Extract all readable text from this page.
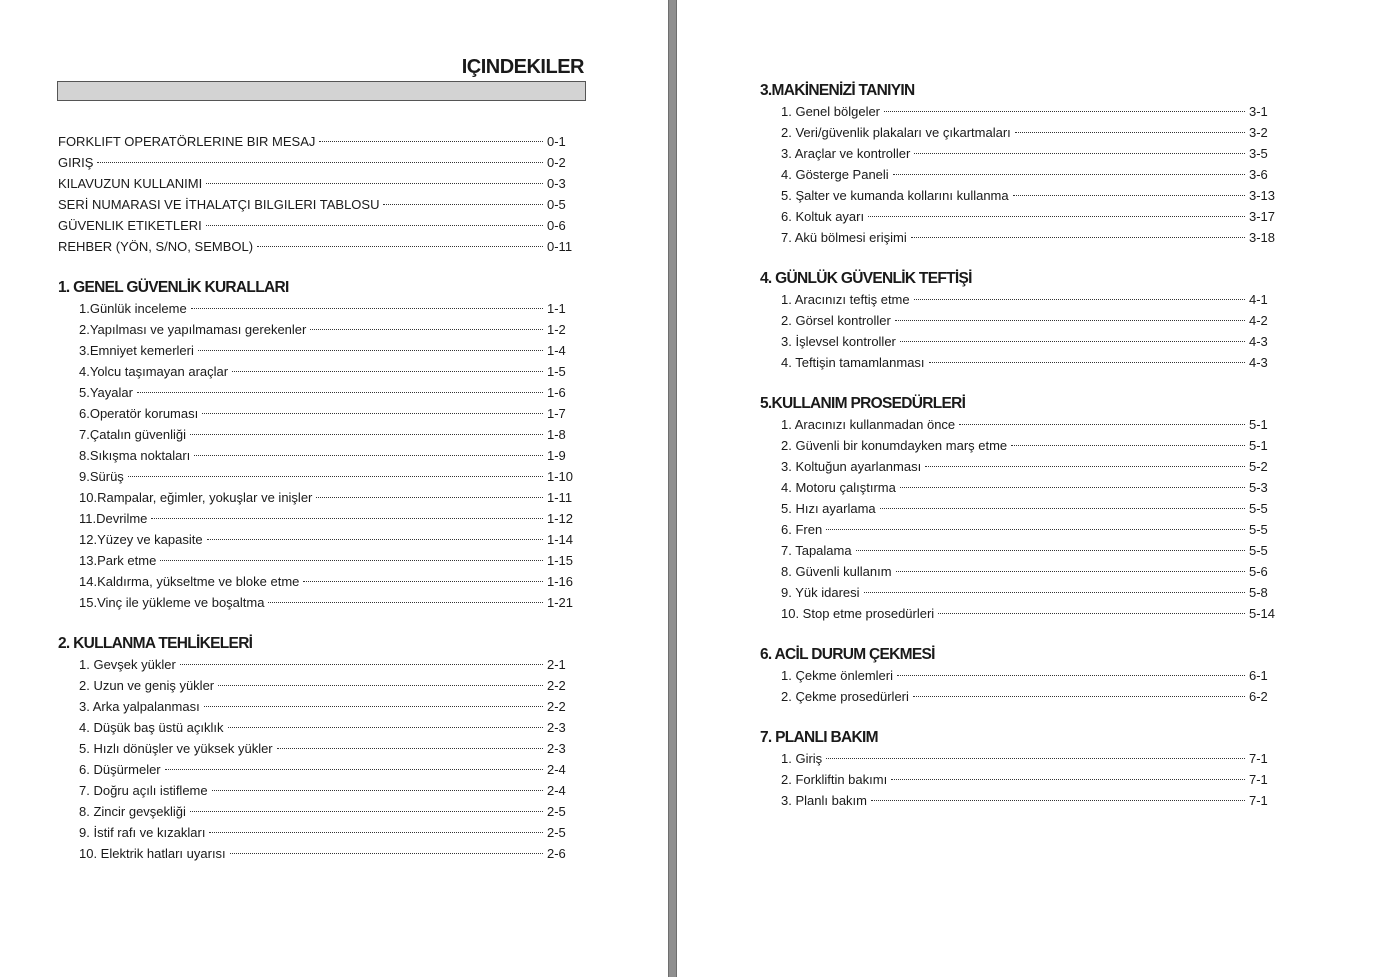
IÇINDEKILER
FORKLIFT OPERATÖRLERINE BIR MESAJ	0-1
GIRIŞ	0-2
KILAVUZUN KULLANIMI	0-3
SERİ NUMARASI VE İTHALATÇI BILGILERI TABLOSU	0-5
GÜVENLIK ETIKETLERI	0-6
REHBER (YÖN, S/NO, SEMBOL)	0-11
1. GENEL GÜVENLİK KURALLARI
1.Günlük inceleme	1-1
2.Yapılması ve yapılmaması gerekenler	1-2
3.Emniyet kemerleri	1-4
4.Yolcu taşımayan araçlar	1-5
5.Yayalar	1-6
6.Operatör koruması	1-7
7.Çatalın güvenliği	1-8
8.Sıkışma noktaları	1-9
9.Sürüş	1-10
10.Rampalar, eğimler, yokuşlar ve inişler	1-11
11.Devrilme	1-12
12.Yüzey ve kapasite	1-14
13.Park etme	1-15
14.Kaldırma, yükseltme ve bloke etme	1-16
15.Vinç ile yükleme ve boşaltma	1-21
2. KULLANMA TEHLİKELERİ
1. Gevşek yükler	2-1
2. Uzun ve geniş yükler	2-2
3. Arka yalpalanması	2-2
4. Düşük baş üstü açıklık	2-3
5. Hızlı dönüşler ve yüksek yükler	2-3
6. Düşürmeler	2-4
7. Doğru açılı istifleme	2-4
8. Zincir gevşekliği	2-5
9. İstif rafı ve kızakları	2-5
10. Elektrik hatları uyarısı	2-6
3.MAKİNENİZİ TANIYIN
1. Genel bölgeler	3-1
2. Veri/güvenlik plakaları ve çıkartmaları	3-2
3. Araçlar ve kontroller	3-5
4. Gösterge Paneli	3-6
5. Şalter ve kumanda kollarını kullanma	3-13
6. Koltuk ayarı	3-17
7. Akü bölmesi erişimi	3-18
4. GÜNLÜK GÜVENLİK TEFTİŞİ
1. Aracınızı teftiş etme	4-1
2. Görsel kontroller	4-2
3. İşlevsel kontroller	4-3
4. Teftişin tamamlanması	4-3
5.KULLANIM PROSEDÜRLERİ
1. Aracınızı kullanmadan önce	5-1
2. Güvenli bir konumdayken marş etme	5-1
3. Koltuğun ayarlanması	5-2
4. Motoru çalıştırma	5-3
5. Hızı ayarlama	5-5
6. Fren	5-5
7. Tapalama	5-5
8. Güvenli kullanım	5-6
9. Yük idaresi	5-8
10. Stop etme prosedürleri	5-14
6. ACİL DURUM ÇEKMESİ
1. Çekme önlemleri	6-1
2. Çekme prosedürleri	6-2
7. PLANLI BAKIM
1. Giriş	7-1
2. Forkliftin bakımı	7-1
3. Planlı bakım	7-1
